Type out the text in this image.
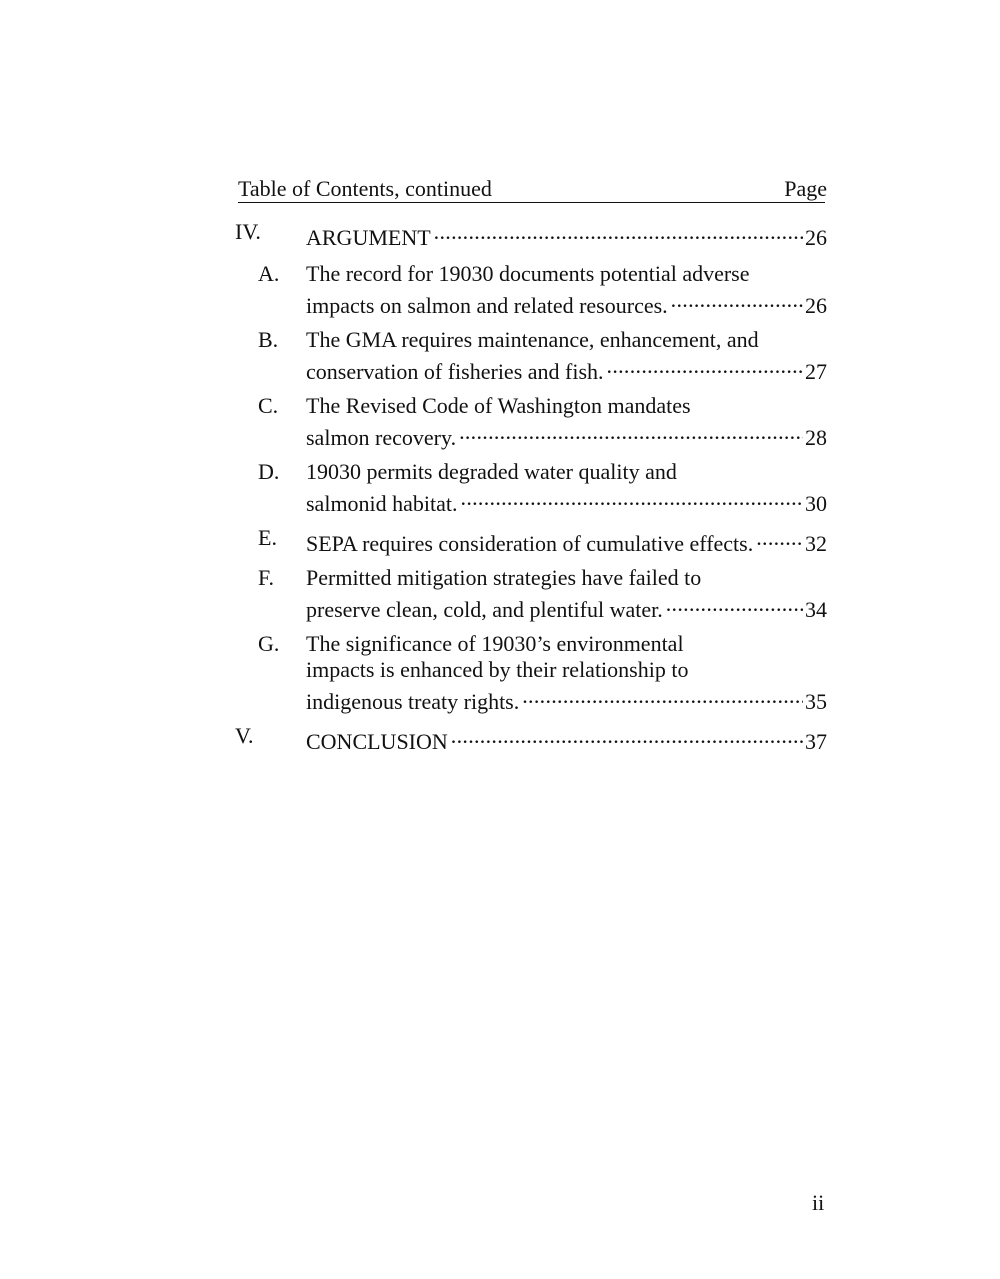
Table of Contents, continued	Page
IV. ARGUMENT . . .	26
A. The record for 19030 documents potential adverse
impacts on salmon and related resources. . . .	26
B. The GMA requires maintenance, enhancement, and
conservation of fisheries and fish. . . .	27
C. The Revised Code of Washington mandates
salmon recovery. . . .	28
D. 19030 permits degraded water quality and
salmonid habitat. . . .	30
E. SEPA requires consideration of cumulative effects. . . . 32
F. Permitted mitigation strategies have failed to
preserve clean, cold, and plentiful water. . . .	34
G. The significance of 19030’s environmental
impacts is enhanced by their relationship to
indigenous treaty rights. . . .	35
V. CONCLUSION . . .	37
ii
